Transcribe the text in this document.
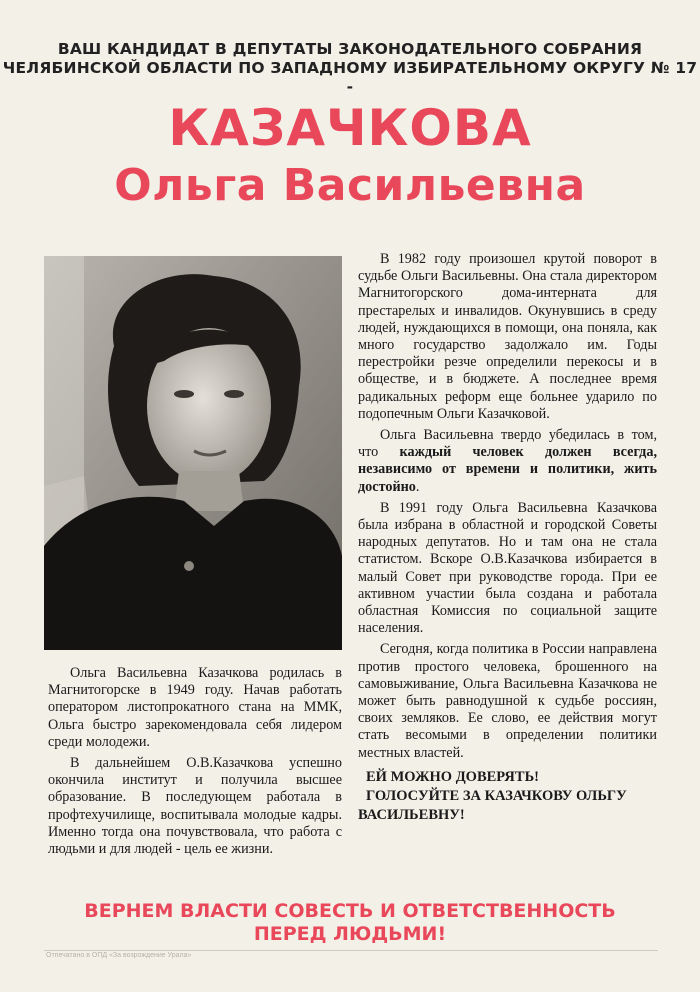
ВАШ КАНДИДАТ В ДЕПУТАТЫ ЗАКОНОДАТЕЛЬНОГО СОБРАНИЯ
ЧЕЛЯБИНСКОЙ ОБЛАСТИ ПО ЗАПАДНОМУ ИЗБИРАТЕЛЬНОМУ ОКРУГУ № 17 -
КАЗАЧКОВА
Ольга Васильевна

Ольга Васильевна Казачкова родилась в Магнитогорске в 1949 году. Начав работать оператором листопрокатного стана на ММК, Ольга быстро зарекомендовала себя лидером среди молодежи.

В дальнейшем О.В.Казачкова успешно окончила институт и получила высшее образование. В последующем работала в профтехучилище, воспитывала молодые кадры. Именно тогда она почувствовала, что работа с людьми и для людей - цель ее жизни.

В 1982 году произошел крутой поворот в судьбе Ольги Васильевны. Она стала директором Магнитогорского дома-интерната для престарелых и инвалидов. Окунувшись в среду людей, нуждающихся в помощи, она поняла, как много государство задолжало им. Годы перестройки резче определили перекосы и в обществе, и в бюджете. А последнее время радикальных реформ еще больнее ударило по подопечным Ольги Казачковой.

Ольга Васильевна твердо убедилась в том, что каждый человек должен всегда, независимо от времени и политики, жить достойно.

В 1991 году Ольга Васильевна Казачкова была избрана в областной и городской Советы народных депутатов. Но и там она не стала статистом. Вскоре О.В.Казачкова избирается в малый Совет при руководстве города. При ее активном участии была создана и работала областная Комиссия по социальной защите населения.

Сегодня, когда политика в России направлена против простого человека, брошенного на самовыживание, Ольга Васильевна Казачкова не может быть равнодушной к судьбе россиян, своих земляков. Ее слово, ее действия могут стать весомыми в определении политики местных властей.

ЕЙ МОЖНО ДОВЕРЯТЬ!
ГОЛОСУЙТЕ ЗА КАЗАЧКОВУ ОЛЬГУ
ВАСИЛЬЕВНУ!

ВЕРНЕМ ВЛАСТИ СОВЕСТЬ И ОТВЕТСТВЕННОСТЬ
ПЕРЕД ЛЮДЬМИ!
Отпечатано в ОПД «За возрождение Урала»
